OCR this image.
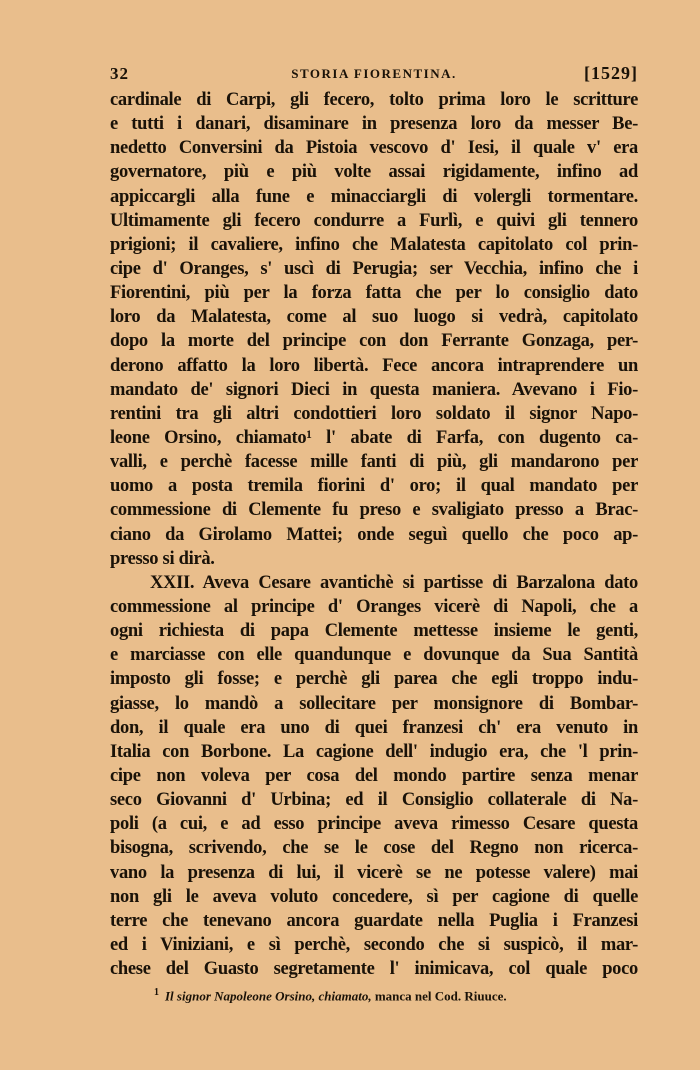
32	STORIA FIORENTINA.	[1529]
cardinale di Carpi, gli fecero, tolto prima loro le scritture
e tutti i danari, disaminare in presenza loro da messer Be-
nedetto Conversini da Pistoia vescovo d' Iesi, il quale v' era
governatore, più e più volte assai rigidamente, infino ad
appiccargli alla fune e minacciargli di volergli tormentare.
Ultimamente gli fecero condurre a Furlì, e quivi gli tennero
prigioni; il cavaliere, infino che Malatesta capitolato col prin-
cipe d' Oranges, s' uscì di Perugia; ser Vecchia, infino che i
Fiorentini, più per la forza fatta che per lo consiglio dato
loro da Malatesta, come al suo luogo si vedrà, capitolato
dopo la morte del principe con don Ferrante Gonzaga, per-
derono affatto la loro libertà. Fece ancora intraprendere un
mandato de' signori Dieci in questa maniera. Avevano i Fio-
rentini tra gli altri condottieri loro soldato il signor Napo-
leone Orsino, chiamato¹ l' abate di Farfa, con dugento ca-
valli, e perchè facesse mille fanti di più, gli mandarono per
uomo a posta tremila fiorini d' oro; il qual mandato per
commessione di Clemente fu preso e svaligiato presso a Brac-
ciano da Girolamo Mattei; onde seguì quello che poco ap-
presso si dirà.
XXII. Aveva Cesare avantichè si partisse di Barzalona dato
commessione al principe d' Oranges vicerè di Napoli, che a
ogni richiesta di papa Clemente mettesse insieme le genti,
e marciasse con elle quandunque e dovunque da Sua Santità
imposto gli fosse; e perchè gli parea che egli troppo indu-
giasse, lo mandò a sollecitare per monsignore di Bombar-
don, il quale era uno di quei franzesi ch' era venuto in
Italia con Borbone. La cagione dell' indugio era, che 'l prin-
cipe non voleva per cosa del mondo partire senza menar
seco Giovanni d' Urbina; ed il Consiglio collaterale di Na-
poli (a cui, e ad esso principe aveva rimesso Cesare questa
bisogna, scrivendo, che se le cose del Regno non ricerca-
vano la presenza di lui, il vicerè se ne potesse valere) mai
non gli le aveva voluto concedere, sì per cagione di quelle
terre che tenevano ancora guardate nella Puglia i Franzesi
ed i Viniziani, e sì perchè, secondo che si suspicò, il mar-
chese del Guasto segretamente l' inimicava, col quale poco
$^1$ Il signor Napoleone Orsino, chiamato, manca nel Cod. Riuuce.
